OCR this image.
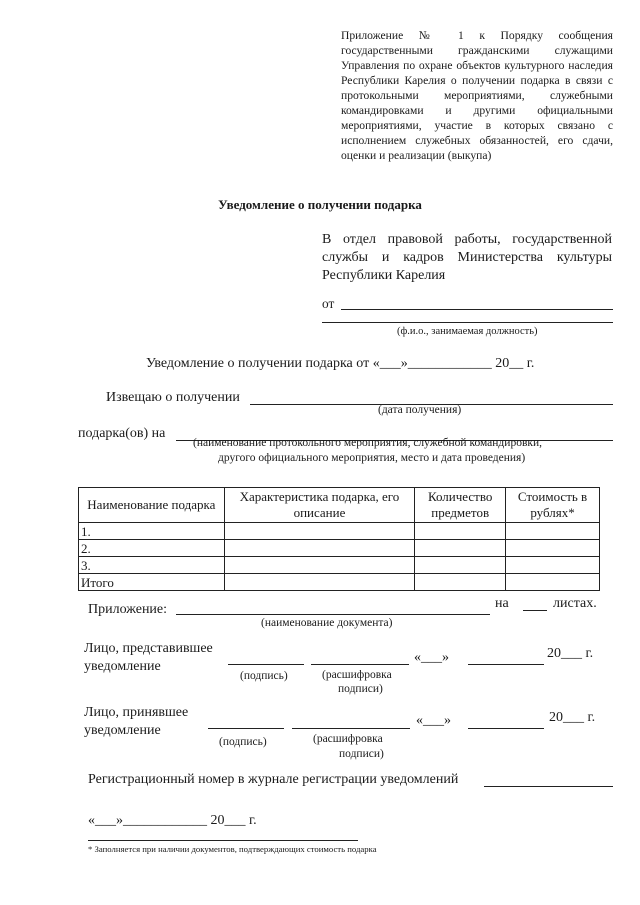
Приложение № 1 к Порядку сообщения государственными гражданскими служащими Управления по охране объектов культурного наследия Республики Карелия о получении подарка в связи с протокольными мероприятиями, служебными командировками и другими официальными мероприятиями, участие в которых связано с исполнением служебных обязанностей, его сдачи, оценки и реализации (выкупа)
Уведомление о получении подарка
В отдел правовой работы, государственной службы и кадров Министерства культуры Республики Карелия
от
(ф.и.о., занимаемая должность)
Уведомление о получении подарка от «___»____________ 20__ г.
Извещаю о получении
(дата получения)
подарка(ов) на
(наименование протокольного мероприятия, служебной командировки,
другого официального мероприятия, место и дата проведения)
Наименование подарка	Характеристика подарка, его описание	Количество предметов	Стоимость в рублях*
1.			
2.			
3.			
Итого			
Приложение:	на	листах.
(наименование документа)
Лицо, представившее
уведомление
«___»	20___ г.
(подпись)	(расшифровка
подписи)
Лицо, принявшее
уведомление
«___»	20___ г.
(подпись)	(расшифровка
подписи)
Регистрационный номер в журнале регистрации уведомлений
«___»____________ 20___ г.
* Заполняется при наличии документов, подтверждающих стоимость подарка
